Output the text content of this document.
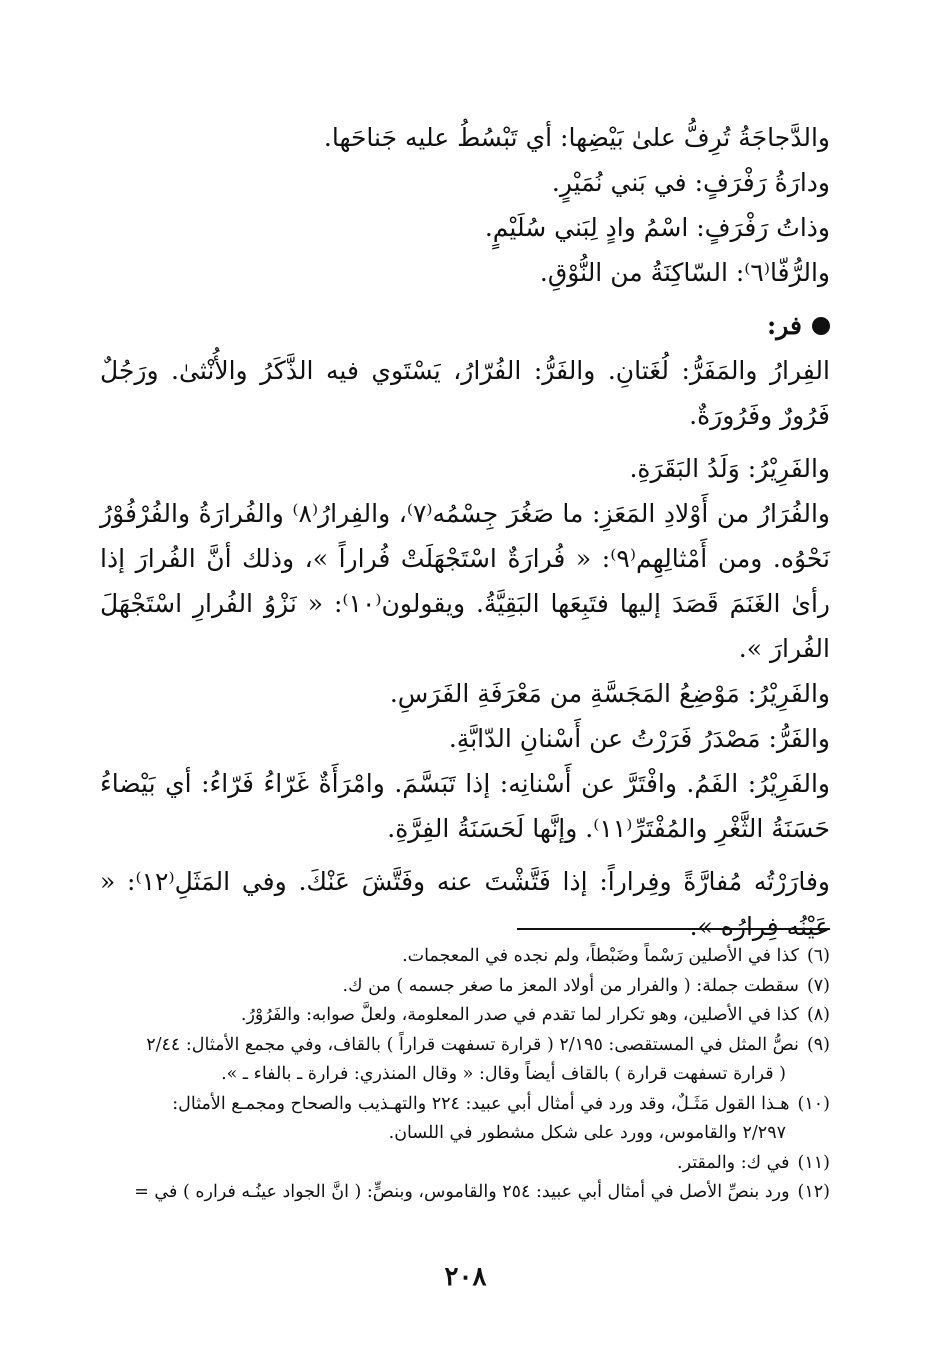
والدَّجاجَةُ تُرِفُّ علىٰ بَيْضِها: أي تَبْسُطُ عليه جَناحَها.

ودارَةُ رَفْرَفٍ: في بَني نُمَيْرٍ.

وذاتُ رَفْرَفٍ: اسْمُ وادٍ لِبَني سُلَيْمٍ.

والرُّفّا⁽٦⁾: السّاكِنَةُ من النُّوْقِ.

فر:

الفِرارُ والمَفَرُّ: لُغَتانِ. والفَرُّ: الفُرّارُ، يَسْتَوي فيه الذَّكَرُ والأُنْثىٰ. ورَجُلٌ فَرُورٌ وفَرُورَةٌ.

والفَرِيْرُ: وَلَدُ البَقَرَةِ.

والفُرَارُ من أَوْلادِ المَعَزِ: ما صَغُرَ جِسْمُه⁽٧⁾، والفِرارُ⁽٨⁾ والفُرارَةُ والفُرْفُوْرُ نَحْوُه. ومن أَمْثالِهِم⁽٩⁾: « فُرارَةٌ اسْتَجْهَلَتْ فُراراً »، وذلك أنَّ الفُرارَ إذا رأىٰ الغَنَمَ قَصَدَ إليها فتَبِعَها البَقِيَّةُ. ويقولون⁽١٠⁾: « نَزْوُ الفُرارِ اسْتَجْهَلَ الفُرارَ ».

والفَرِيْرُ: مَوْضِعُ المَجَسَّةِ من مَعْرَفَةِ الفَرَسِ.

والفَرُّ: مَصْدَرُ فَرَرْتُ عن أَسْنانِ الدّابَّةِ.

والفَرِيْرُ: الفَمُ. وافْتَرَّ عن أَسْنانِه: إذا تَبَسَّمَ. وامْرَأَةٌ غَرّاءُ فَرّاءُ: أي بَيْضاءُ حَسَنَةُ الثَّغْرِ والمُفْتَرِّ⁽١١⁾. وإنَّها لَحَسَنَةُ الفِرَّةِ.

وفارَرْتُه مُفارَّةً وفِراراً: إذا فَتَّشْتَ عنه وفَتَّشَ عَنْكَ. وفي المَثَلِ⁽١٢⁾: « عَيْنُه فِرارُه ».

(٦)كذا في الأصلين رَسْماً وضَبْطاً، ولم نجده في المعجمات.

(٧)سقطت جملة: ( والفرار من أولاد المعز ما صغر جسمه ) من ك.

(٨)كذا في الأصلين، وهو تكرار لما تقدم في صدر المعلومة، ولعلَّ صوابه: والفَرُوْرُ.

(٩)نصُّ المثل في المستقصى: ٢/١٩٥ ( قرارة تسفهت قراراً ) بالقاف، وفي مجمع الأمثال: ٢/٤٤

( قرارة تسفهت قرارة ) بالقاف أيضاً وقال: « وقال المنذري: فرارة ـ بالفاء ـ ».

(١٠)هـذا القول مَثَـلٌ، وقد ورد في أمثال أبي عبيد: ٢٢٤ والتهـذيب والصحاح ومجمـع الأمثال:

٢/٢٩٧ والقاموس، وورد على شكل مشطور في اللسان.

(١١)في ك: والمقتر.

(١٢)ورد بنصِّ الأصل في أمثال أبي عبيد: ٢٥٤ والقاموس، وبنصٍّ: ( انَّ الجواد عينُـه فراره ) في =

٢٠٨
